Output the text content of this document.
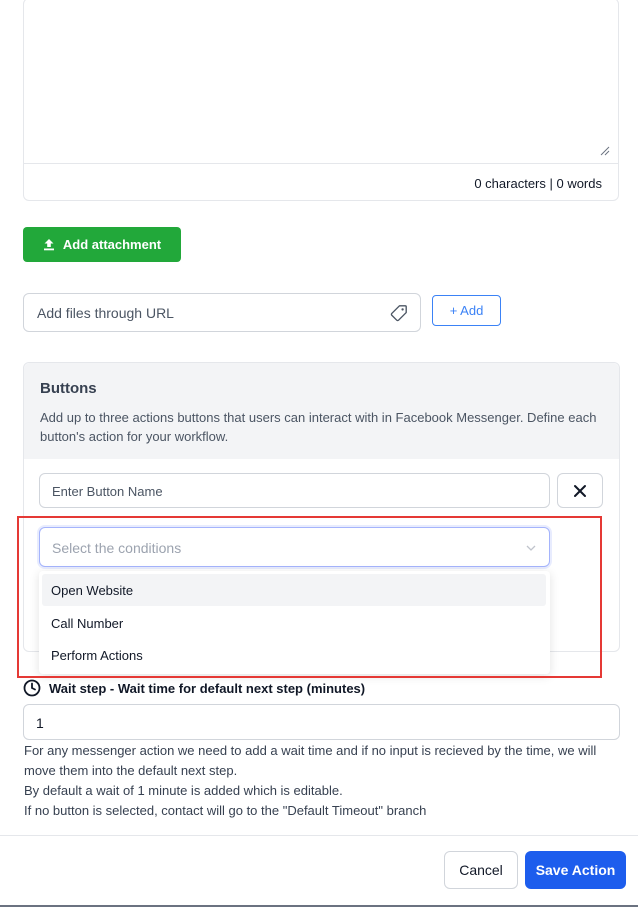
0 characters | 0 words
Add attachment
Add files through URL	+ Add
Buttons
Add up to three actions buttons that users can interact with in Facebook Messenger. Define each button's action for your workflow.
Enter Button Name
Select the conditions
Open Website
Call Number
Perform Actions
Wait step - Wait time for default next step (minutes)
1
For any messenger action we need to add a wait time and if no input is recieved by the time, we will move them into the default next step.
By default a wait of 1 minute is added which is editable.
If no button is selected, contact will go to the "Default Timeout" branch
Cancel	Save Action
